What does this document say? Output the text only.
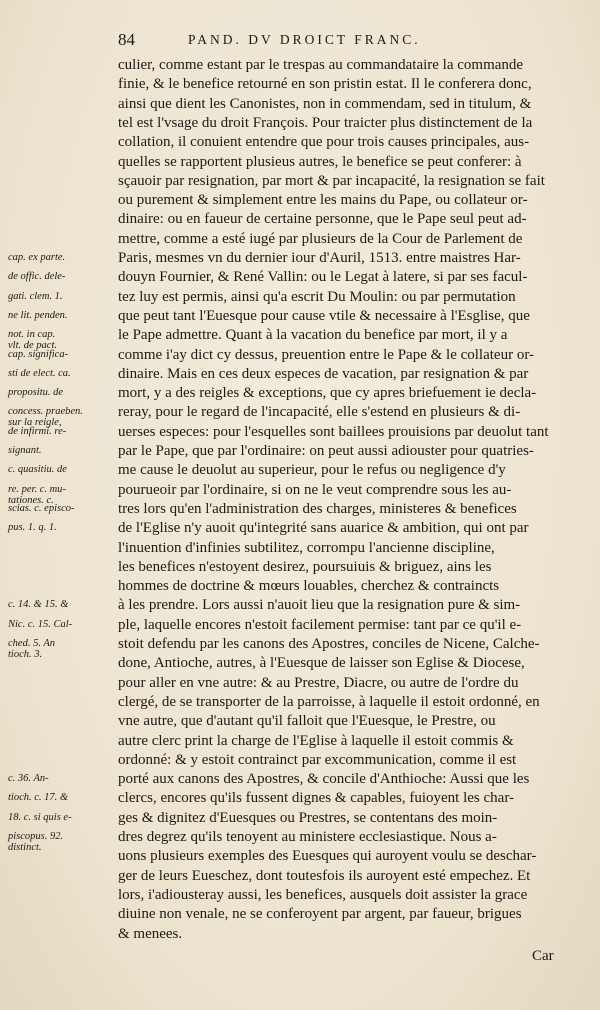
84	PAND. DV DROICT FRANC.
culier, comme estant par le trespas au commandataire la commande
finie, & le benefice retourné en son pristin estat. Il le conferera donc,
ainsi que dient les Canonistes, non in commendam, sed in titulum, &
tel est l'vsage du droit François. Pour traicter plus distinctement de la
collation, il conuient entendre que pour trois causes principales, aus-
quelles se rapportent plusieus autres, le benefice se peut conferer: à
sçauoir par resignation, par mort & par incapacité, la resignation se fait
ou purement & simplement entre les mains du Pape, ou collateur or-
dinaire: ou en faueur de certaine personne, que le Pape seul peut ad-
mettre, comme a esté iugé par plusieurs de la Cour de Parlement de
Paris, mesmes vn du dernier iour d'Auril, 1513. entre maistres Har-
douyn Fournier, & René Vallin: ou le Legat à latere, si par ses facul-
tez luy est permis, ainsi qu'a escrit Du Moulin: ou par permutation
que peut tant l'Euesque pour cause vtile & necessaire à l'Esglise, que
le Pape admettre. Quant à la vacation du benefice par mort, il y a
comme i'ay dict cy dessus, preuention entre le Pape & le collateur or-
dinaire. Mais en ces deux especes de vacation, par resignation & par
mort, y a des reigles & exceptions, que cy apres briefuement ie decla-
reray, pour le regard de l'incapacité, elle s'estend en plusieurs & di-
uerses especes: pour l'esquelles sont baillees prouisions par deuolut tant
par le Pape, que par l'ordinaire: on peut aussi adiouster pour quatries-
me cause le deuolut au superieur, pour le refus ou negligence d'y
pourueoir par l'ordinaire, si on ne le veut comprendre sous les au-
tres lors qu'en l'administration des charges, ministeres & benefices
de l'Eglise n'y auoit qu'integrité sans auarice & ambition, qui ont par
l'inuention d'infinies subtilitez, corrompu l'ancienne discipline,
les benefices n'estoyent desirez, poursuiuis & briguez, ains les
hommes de doctrine & mœurs louables, cherchez & contraincts
à les prendre. Lors aussi n'auoit lieu que la resignation pure & sim-
ple, laquelle encores n'estoit facilement permise: tant par ce qu'il e-
stoit defendu par les canons des Apostres, conciles de Nicene, Calche-
done, Antioche, autres, à l'Euesque de laisser son Eglise & Diocese,
pour aller en vne autre: & au Prestre, Diacre, ou autre de l'ordre du
clergé, de se transporter de la parroisse, à laquelle il estoit ordonné, en
vne autre, que d'autant qu'il falloit que l'Euesque, le Prestre, ou
autre clerc print la charge de l'Eglise à laquelle il estoit commis &
ordonné: & y estoit contrainct par excommunication, comme il est
porté aux canons des Apostres, & concile d'Anthioche: Aussi que les
clercs, encores qu'ils fussent dignes & capables, fuioyent les char-
ges & dignitez d'Euesques ou Prestres, se contentans des moin-
dres degrez qu'ils tenoyent au ministere ecclesiastique. Nous a-
uons plusieurs exemples des Euesques qui auroyent voulu se deschar-
ger de leurs Eueschez, dont toutesfois ils auroyent esté empechez. Et
lors, i'adiousteray aussi, les benefices, ausquels doit assister la grace
diuine non venale, ne se conferoyent par argent, par faueur, brigues
& menees.
cap. ex parte.
de offic. dele-
gati. clem. 1.
ne lit. penden.
not. in cap.
vlt. de pact.
cap. significa-
sti de elect. ca.
propositu. de
concess. praeben.
sur la reigle,
de infirmi. re-
signant.
c. quasitiu. de
re. per. c. mu-
tationes. c.
scias. c. episco-
pus. 1. q. 1.
c. 14. & 15. &
Nic. c. 15. Cal-
ched. 5. An
tioch. 3.
c. 36. An-
tioch. c. 17. &
18. c. si quis e-
piscopus. 92.
distinct.
Car
